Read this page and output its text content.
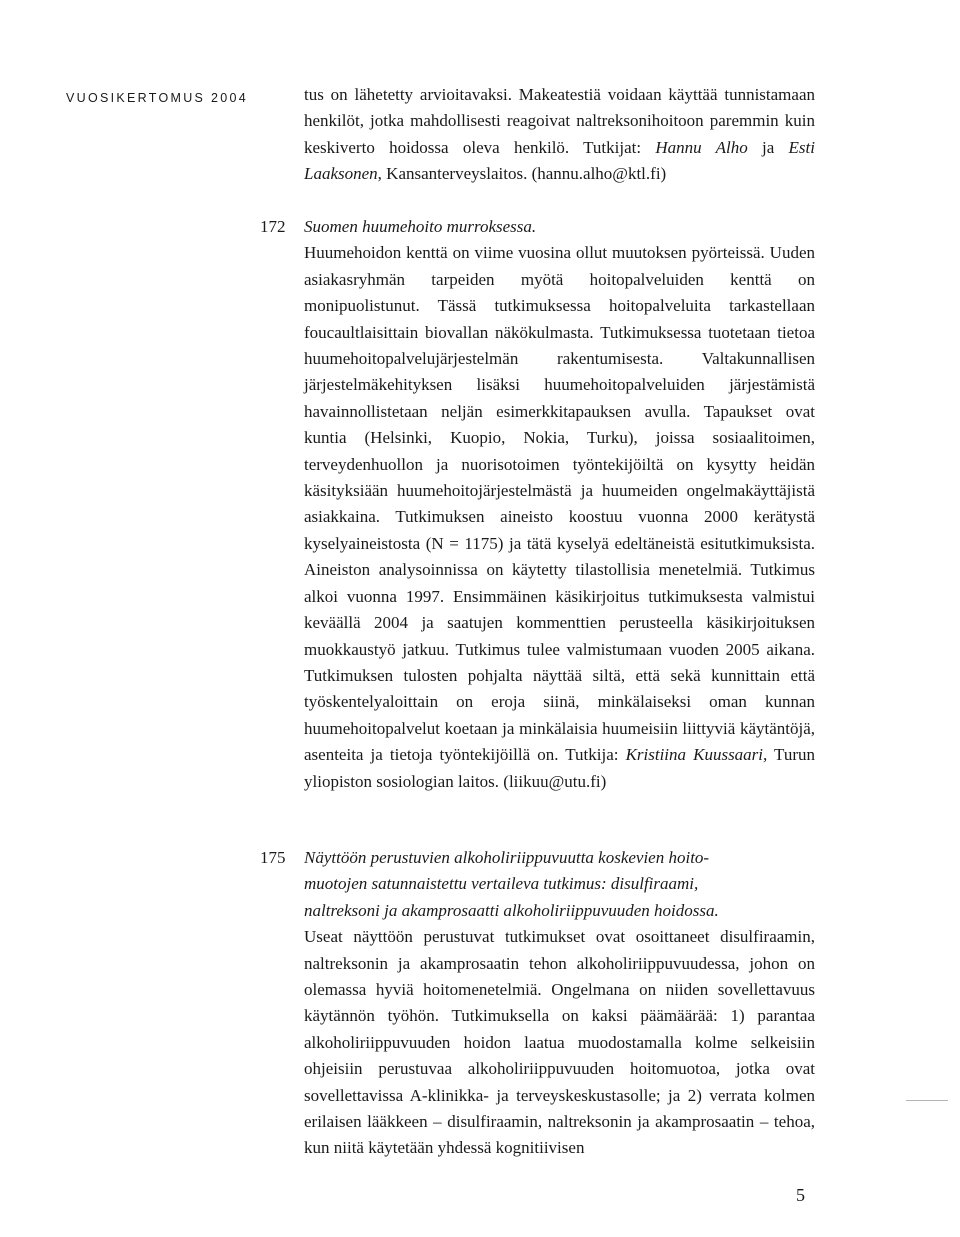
VUOSIKERTOMUS 2004	tus on lähetetty arvioitavaksi. Makeatestiä voidaan käyttää tunnistamaan henkilöt, jotka mahdollisesti reagoivat naltreksonihoitoon paremmin kuin keskiverto hoidossa oleva henkilö. Tutkijat: Hannu Alho ja Esti Laaksonen, Kansanterveyslaitos. (hannu.alho@ktl.fi)

172 Suomen huumehoito murroksessa.

Huumehoidon kenttä on viime vuosina ollut muutoksen pyörteissä. Uuden asiakasryhmän tarpeiden myötä hoitopalveluiden kenttä on monipuolistunut. Tässä tutkimuksessa hoitopalveluita tarkastellaan foucaultlaisittain biovallan näkökulmasta. Tutkimuksessa tuotetaan tietoa huumehoitopalvelujärjestelmän rakentumisesta. Valtakunnallisen järjestelmäkehityksen lisäksi huumehoitopalveluiden järjestämistä havainnollistetaan neljän esimerkkitapauksen avulla. Tapaukset ovat kuntia (Helsinki, Kuopio, Nokia, Turku), joissa sosiaalitoimen, terveydenhuollon ja nuorisotoimen työntekijöiltä on kysytty heidän käsityksiään huumehoitojärjestelmästä ja huumeiden ongelmakäyttäjistä asiakkaina. Tutkimuksen aineisto koostuu vuonna 2000 kerätystä kyselyaineistosta (N = 1175) ja tätä kyselyä edeltäneistä esitutkimuksista. Aineiston analysoinnissa on käytetty tilastollisia menetelmiä. Tutkimus alkoi vuonna 1997. Ensimmäinen käsikirjoitus tutkimuksesta valmistui keväällä 2004 ja saatujen kommenttien perusteella käsikirjoituksen muokkaustyö jatkuu. Tutkimus tulee valmistumaan vuoden 2005 aikana. Tutkimuksen tulosten pohjalta näyttää siltä, että sekä kunnittain että työskentelyaloittain on eroja siinä, minkälaiseksi oman kunnan huumehoitopalvelut koetaan ja minkälaisia huumeisiin liittyviä käytäntöjä, asenteita ja tietoja työntekijöillä on. Tutkija: Kristiina Kuussaari, Turun yliopiston sosiologian laitos. (liikuu@utu.fi)

175 Näyttöön perustuvien alkoholiriippuvuutta koskevien hoito-
muotojen satunnaistettu vertaileva tutkimus: disulfiraami,
naltreksoni ja akamprosaatti alkoholiriippuvuuden hoidossa.

Useat näyttöön perustuvat tutkimukset ovat osoittaneet disulfiraamin, naltreksonin ja akamprosaatin tehon alkoholiriippuvuudessa, johon on olemassa hyviä hoitomenetelmiä. Ongelmana on niiden sovellettavuus käytännön työhön. Tutkimuksella on kaksi päämäärää: 1) parantaa alkoholiriippuvuuden hoidon laatua muodostamalla kolme selkeisiin ohjeisiin perustuvaa alkoholiriippuvuuden hoitomuotoa, jotka ovat sovellettavissa A-klinikka- ja terveyskeskustasolle; ja 2) verrata kolmen erilaisen lääkkeen – disulfiraamin, naltreksonin ja akamprosaatin – tehoa, kun niitä käytetään yhdessä kognitiivisen

5
